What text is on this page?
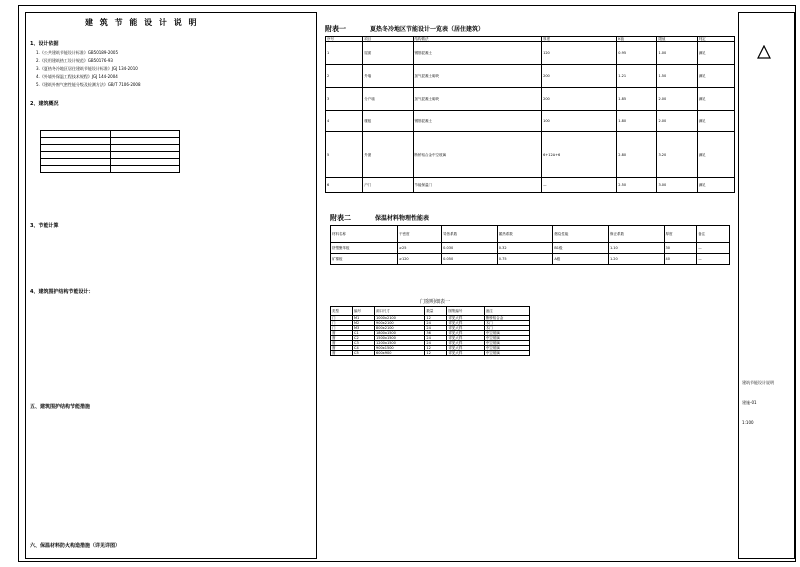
建 筑 节 能 设 计 说 明
1、设计依据
1.《公共建筑节能设计标准》GB50189-2005
2.《民用建筑热工设计规范》GB50176-93
3.《夏热冬冷地区居住建筑节能设计标准》JGJ 134-2010
4.《外墙外保温工程技术规程》JGJ 144-2004
5.《建筑外窗气密性能分级及检测方法》GB/T 7106-2008
2、建筑概况

3、节能计算
4、建筑围护结构节能设计：
五、建筑围护结构节能措施
六、保温材料防火构造措施（详见详图）
附表一	夏热冬冷地区节能设计一览表（居住建筑）
序号	项目	结构做法	厚度	K值	限值	判定
1	屋面	钢筋混凝土	120	0.95	1.00	满足
2	外墙	加气混凝土砌块	200	1.21	1.50	满足
3	分户墙	加气混凝土砌块	200	1.85	2.00	满足
4	楼板	钢筋混凝土	100	1.80	2.00	满足
5	外窗	断桥铝合金中空玻璃	6+12A+6	2.80	3.20	满足
6	户门	节能保温门	—	2.50	3.00	满足
附表二	保温材料物理性能表
材料名称	干密度	导热系数	蓄热系数	燃烧性能	修正系数	厚度	备注
挤塑聚苯板	≥25	0.030	0.32	B1级	1.10	30	—
矿棉板	≥120	0.050	0.75	A级	1.20	40	—
门窗明细表一
类型	编号	洞口尺寸	数量	图集编号	备注
门	M1	1000x2100	12	详见大样	断桥铝合金
门	M2	900x2100	24	详见大样	木门
门	M3	800x2100	24	详见大样	木门
窗	C1	1800x1500	36	详见大样	中空玻璃
窗	C2	1500x1500	24	详见大样	中空玻璃
窗	C3	1200x1500	24	详见大样	中空玻璃
窗	C4	900x1500	12	详见大样	中空玻璃
窗	C5	600x900	12	详见大样	中空玻璃
建筑节能设计说明
建施-01
1:100
